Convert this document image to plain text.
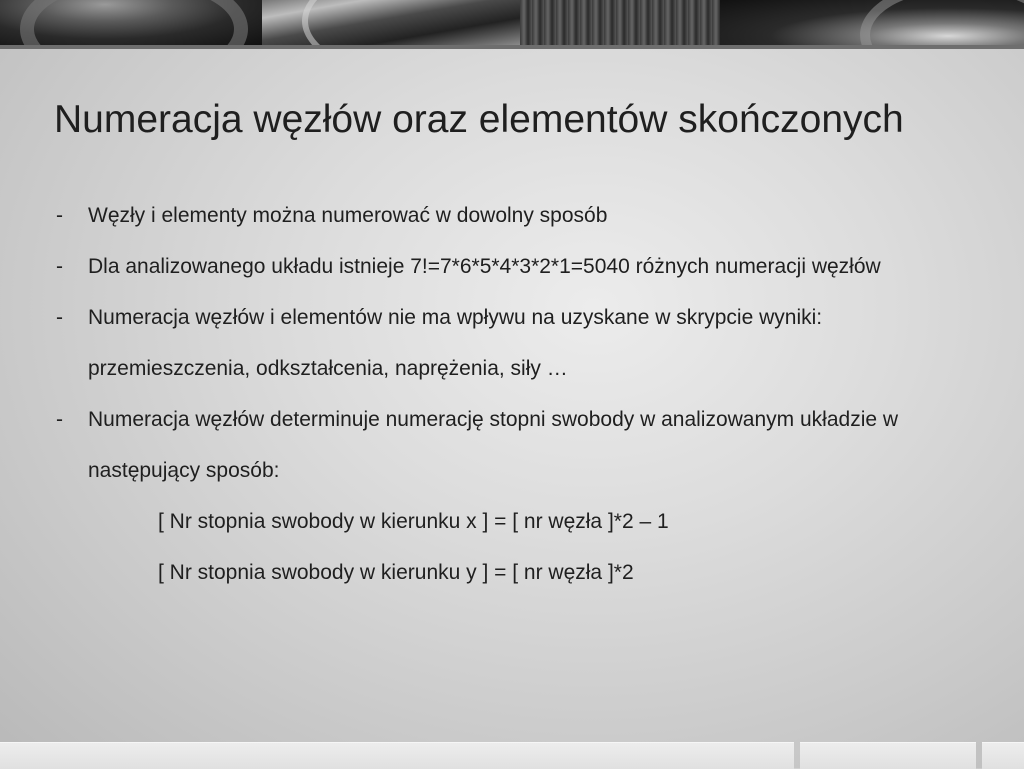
Numeracja węzłów oraz elementów skończonych
- Węzły i elementy można numerować w dowolny sposób
- Dla analizowanego układu istnieje 7!=7*6*5*4*3*2*1=5040 różnych numeracji węzłów
- Numeracja węzłów i elementów nie ma wpływu na uzyskane w skrypcie wyniki: przemieszczenia, odkształcenia, naprężenia, siły …
- Numeracja węzłów determinuje numerację stopni swobody w analizowanym układzie w następujący sposób:
[ Nr stopnia swobody w kierunku x ] = [ nr węzła ]*2 – 1
[ Nr stopnia swobody w kierunku y ] = [ nr węzła ]*2
